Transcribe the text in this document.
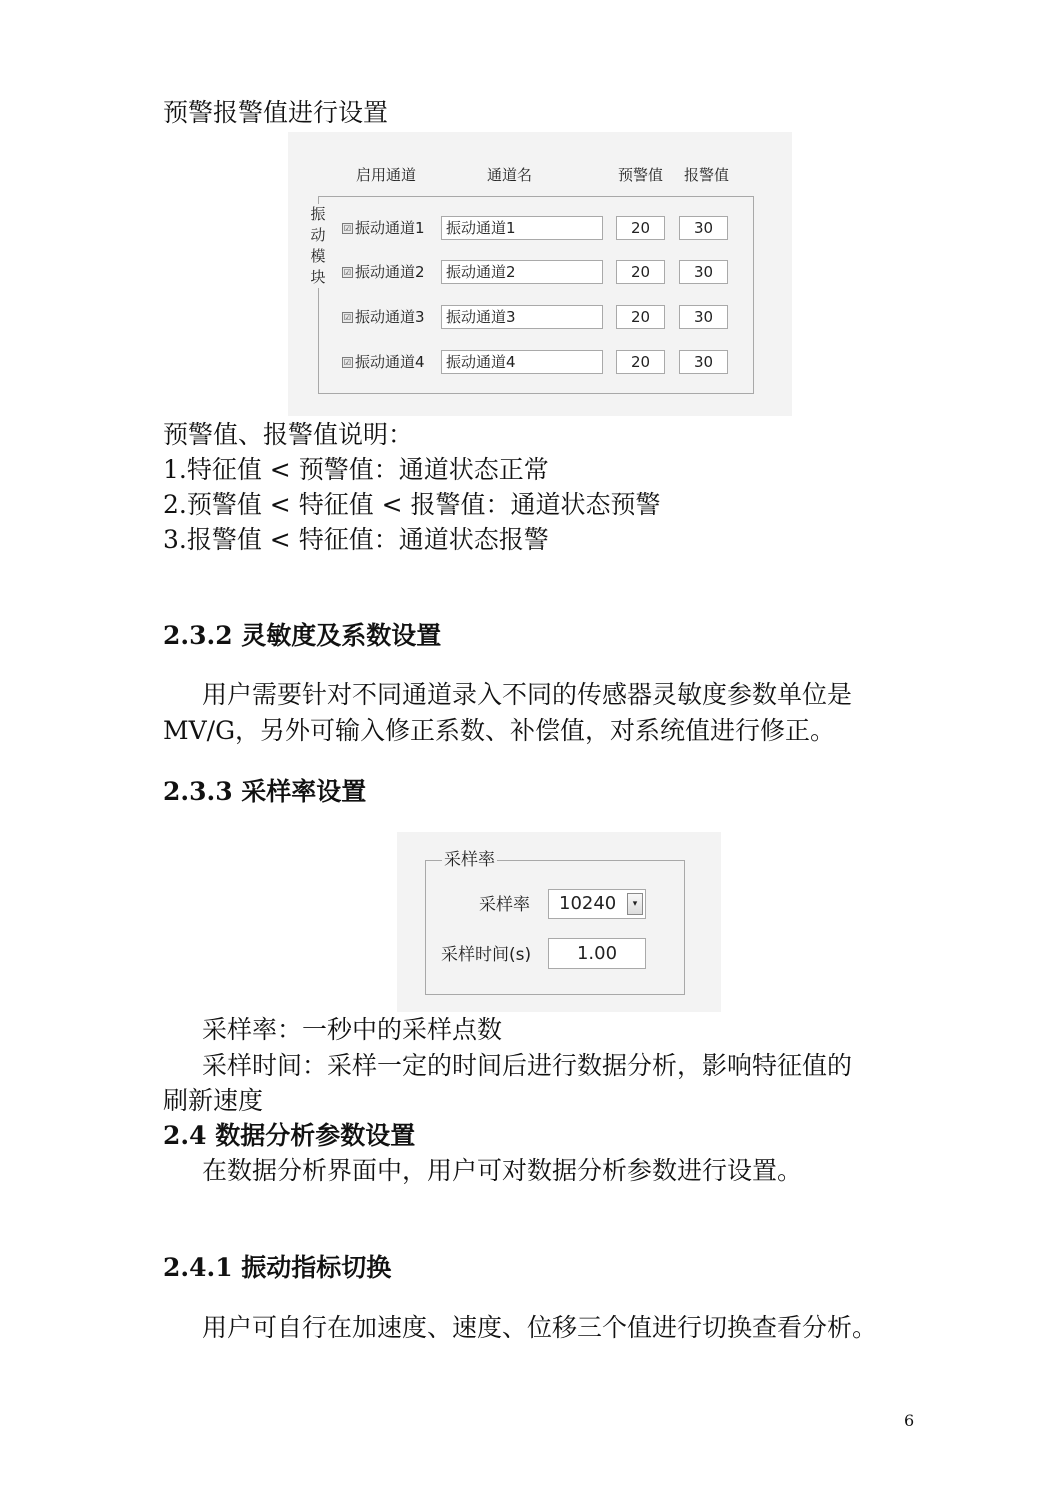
预警报警值进行设置
启用通道	通道名	预警值 报警值
振
动
模
块
☑ 振动通道1	振动通道1	20	30
☑ 振动通道2	振动通道2	20	30
☑ 振动通道3	振动通道3	20	30
☑ 振动通道4	振动通道4	20	30
预警值、报警值说明：
1.特征值 < 预警值：通道状态正常
2.预警值 < 特征值 < 报警值：通道状态预警
3.报警值 < 特征值：通道状态报警
2.3.2 灵敏度及系数设置
用户需要针对不同通道录入不同的传感器灵敏度参数单位是
MV/G，另外可输入修正系数、补偿值，对系统值进行修正。
2.3.3 采样率设置
采样率
采样率	10240	▾
采样时间(s)	1.00
采样率：一秒中的采样点数
采样时间：采样一定的时间后进行数据分析，影响特征值的
刷新速度
2.4 数据分析参数设置
在数据分析界面中，用户可对数据分析参数进行设置。
2.4.1 振动指标切换
用户可自行在加速度、速度、位移三个值进行切换查看分析。
6
